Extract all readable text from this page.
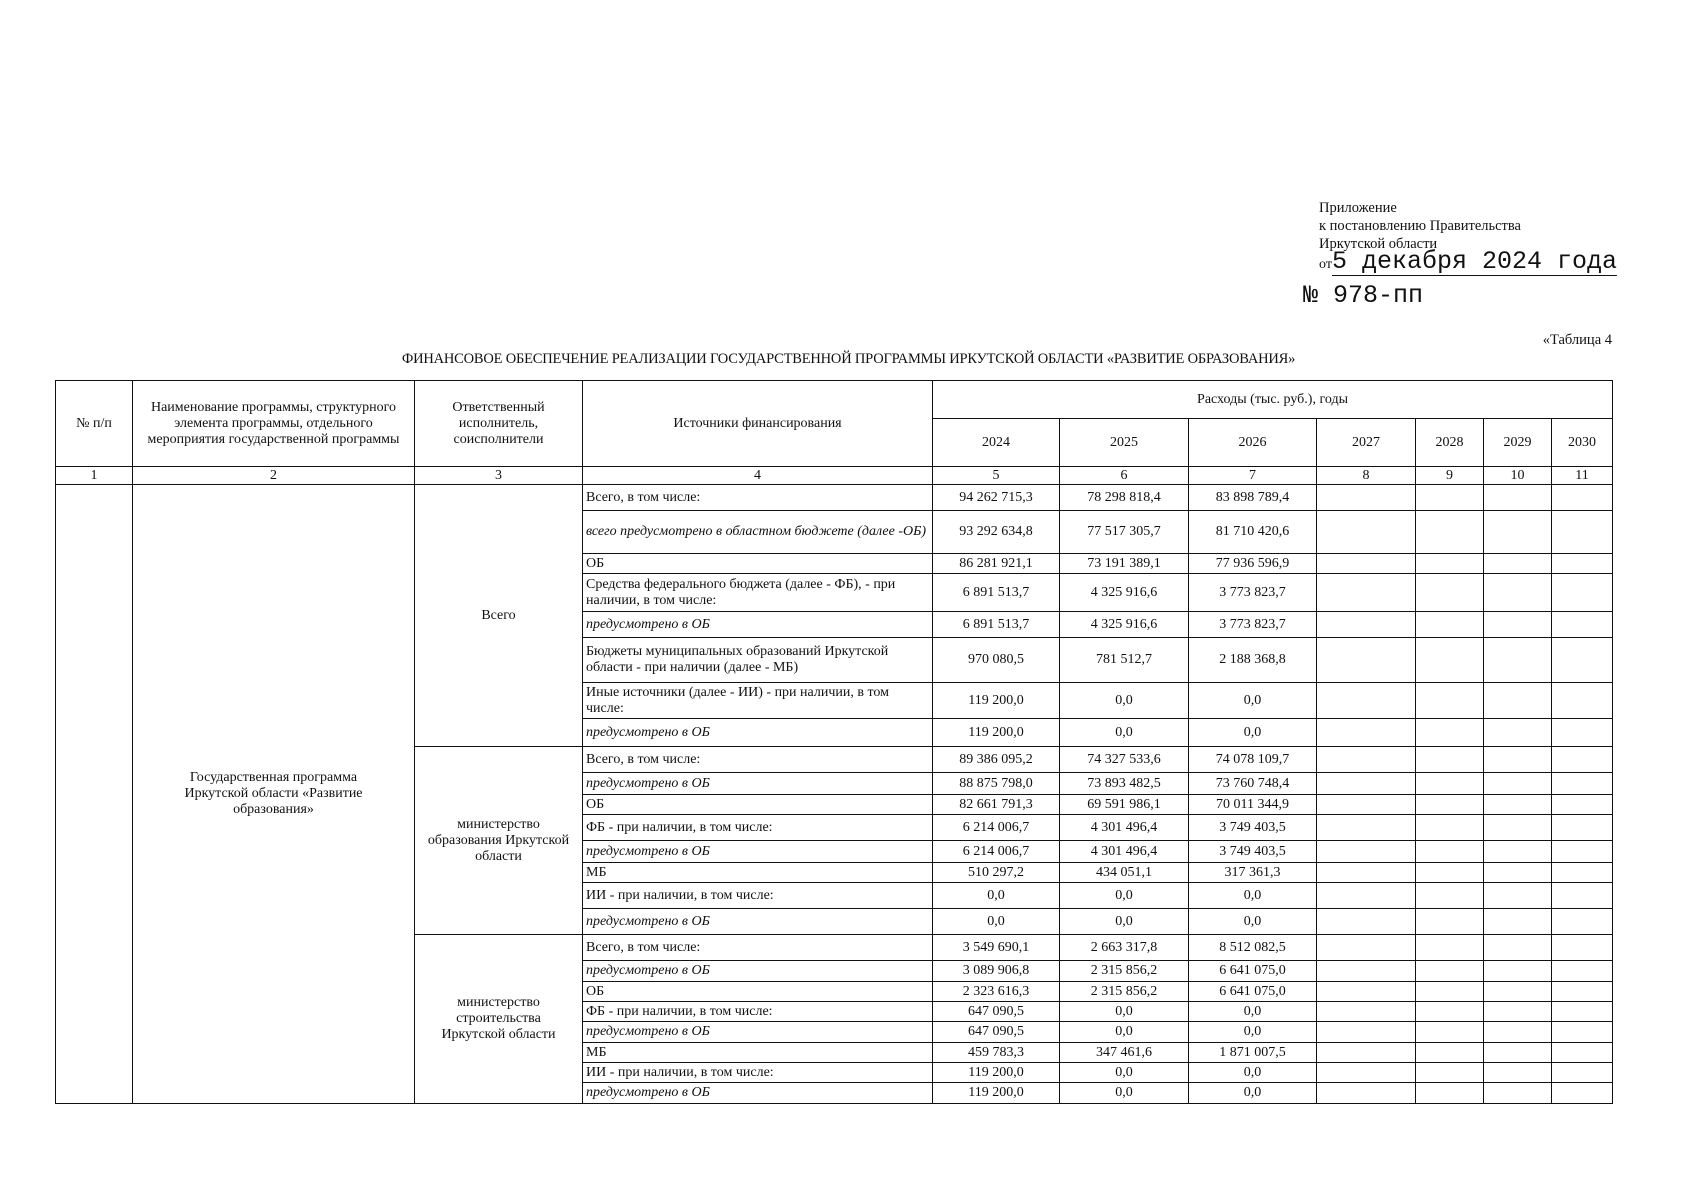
Приложение
к постановлению Правительства
Иркутской области
от5 декабря 2024 года
№ 978-пп
«Таблица 4
ФИНАНСОВОЕ ОБЕСПЕЧЕНИЕ РЕАЛИЗАЦИИ ГОСУДАРСТВЕННОЙ ПРОГРАММЫ ИРКУТСКОЙ ОБЛАСТИ «РАЗВИТИЕ ОБРАЗОВАНИЯ»
№ п/п	Наименование программы, структурного элемента программы, отдельного мероприятия государственной программы	Ответственный исполнитель, соисполнители	Источники финансирования	Расходы (тыс. руб.), годы						
				2024	2025	2026	2027	2028	2029	2030
1	2	3	4	5	6	7	8	9	10	11
	Государственная программа Иркутской области «Развитие образования»	Всего	Всего, в том числе:	94 262 715,3	78 298 818,4	83 898 789,4				
			всего предусмотрено в областном бюджете (далее -ОБ)	93 292 634,8	77 517 305,7	81 710 420,6				
			ОБ	86 281 921,1	73 191 389,1	77 936 596,9				
			Средства федерального бюджета (далее - ФБ), - при наличии, в том числе:	6 891 513,7	4 325 916,6	3 773 823,7				
			предусмотрено в ОБ	6 891 513,7	4 325 916,6	3 773 823,7				
			Бюджеты муниципальных образований Иркутской области - при наличии (далее - МБ)	970 080,5	781 512,7	2 188 368,8				
			Иные источники (далее - ИИ) - при наличии, в том числе:	119 200,0	0,0	0,0				
			предусмотрено в ОБ	119 200,0	0,0	0,0				
		министерство образования Иркутской области	Всего, в том числе:	89 386 095,2	74 327 533,6	74 078 109,7				
			предусмотрено в ОБ	88 875 798,0	73 893 482,5	73 760 748,4				
			ОБ	82 661 791,3	69 591 986,1	70 011 344,9				
			ФБ - при наличии, в том числе:	6 214 006,7	4 301 496,4	3 749 403,5				
			предусмотрено в ОБ	6 214 006,7	4 301 496,4	3 749 403,5				
			МБ	510 297,2	434 051,1	317 361,3				
			ИИ - при наличии, в том числе:	0,0	0,0	0,0				
			предусмотрено в ОБ	0,0	0,0	0,0				
		министерство строительства Иркутской области	Всего, в том числе:	3 549 690,1	2 663 317,8	8 512 082,5				
			предусмотрено в ОБ	3 089 906,8	2 315 856,2	6 641 075,0				
			ОБ	2 323 616,3	2 315 856,2	6 641 075,0				
			ФБ - при наличии, в том числе:	647 090,5	0,0	0,0				
			предусмотрено в ОБ	647 090,5	0,0	0,0				
			МБ	459 783,3	347 461,6	1 871 007,5				
			ИИ - при наличии, в том числе:	119 200,0	0,0	0,0				
			предусмотрено в ОБ	119 200,0	0,0	0,0				
